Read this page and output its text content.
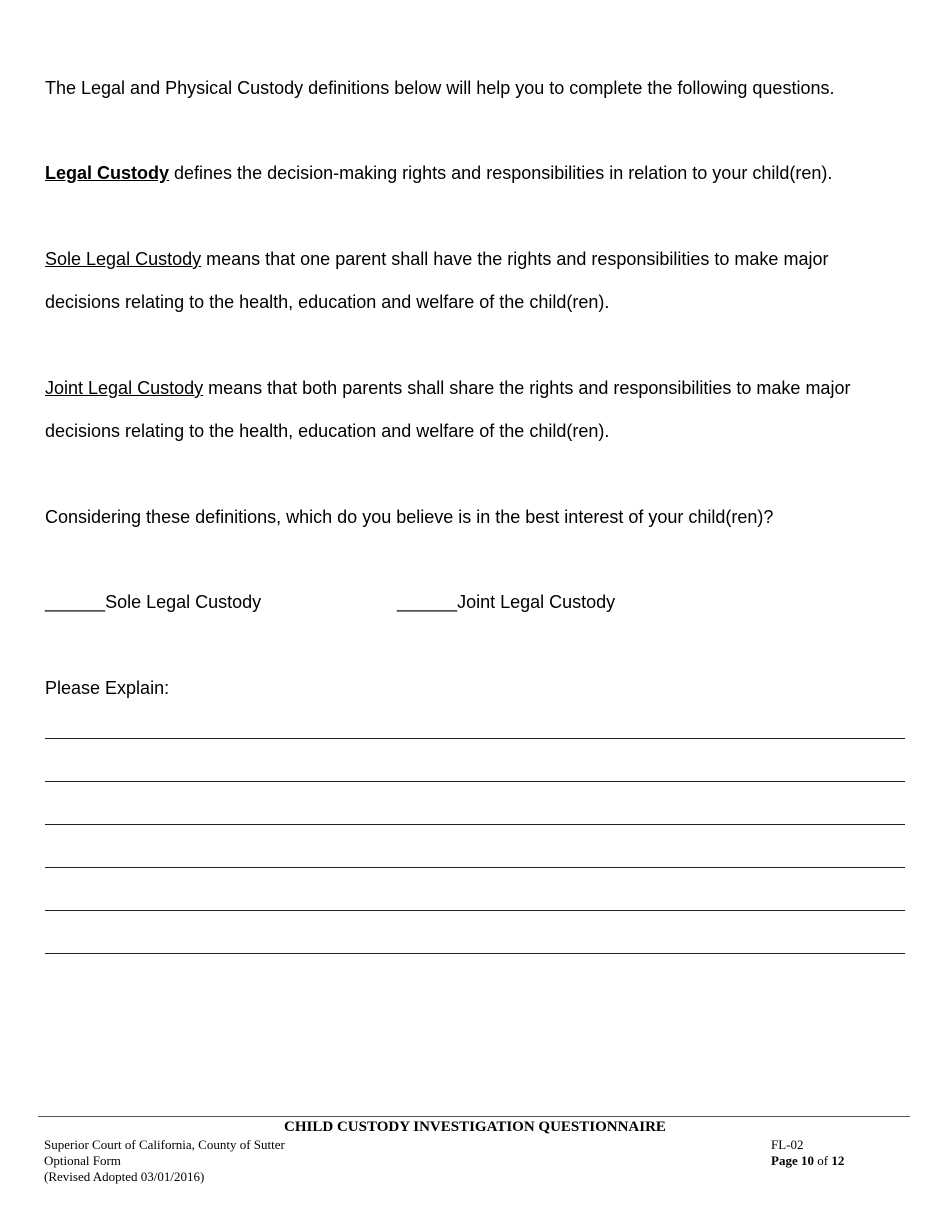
The Legal and Physical Custody definitions below will help you to complete the following questions.

Legal Custody defines the decision-making rights and responsibilities in relation to your child(ren).

Sole Legal Custody means that one parent shall have the rights and responsibilities to make major

decisions relating to the health, education and welfare of the child(ren).

Joint Legal Custody means that both parents shall share the rights and responsibilities to make major

decisions relating to the health, education and welfare of the child(ren).

Considering these definitions, which do you believe is in the best interest of your child(ren)?

______Sole Legal Custody	______Joint Legal Custody

Please Explain:

CHILD CUSTODY INVESTIGATION QUESTIONNAIRE
Superior Court of California, County of Sutter
Optional Form
(Revised Adopted 03/01/2016)
FL-02
Page 10 of 12
